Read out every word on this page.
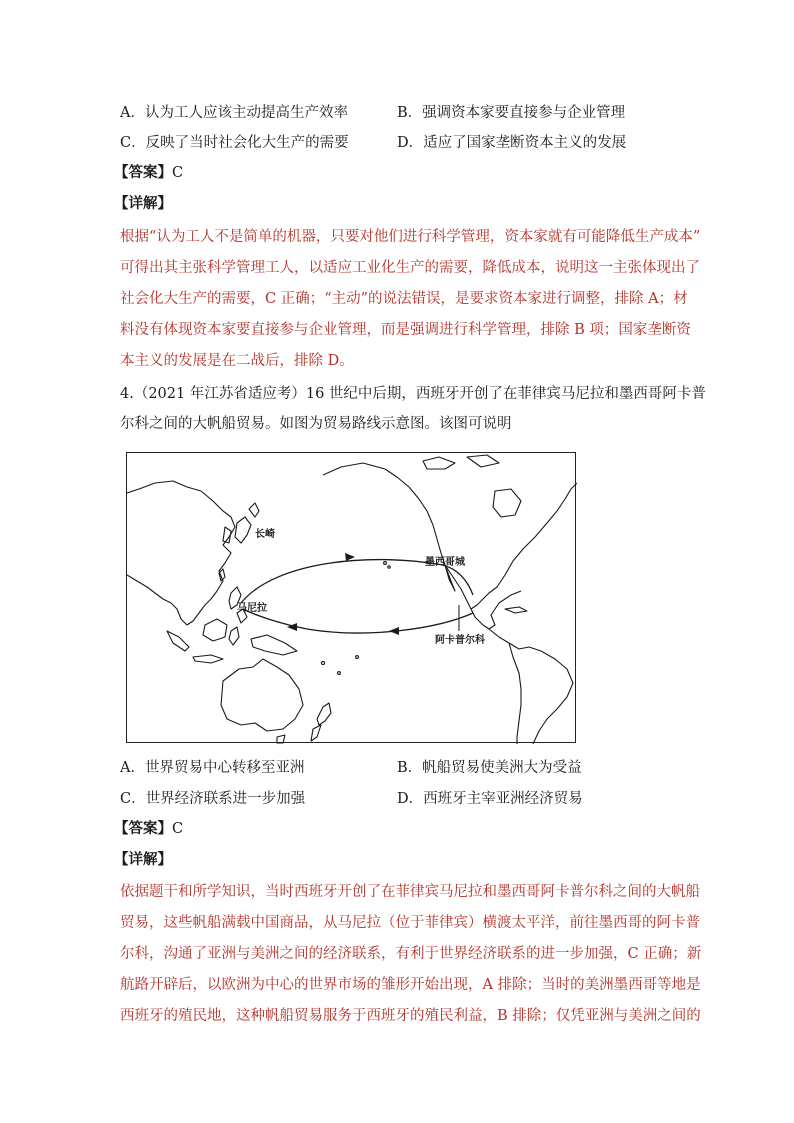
A．认为工人应该主动提高生产效率	B．强调资本家要直接参与企业管理
C．反映了当时社会化大生产的需要	D．适应了国家垄断资本主义的发展
【答案】C
【详解】
根据“认为工人不是简单的机器，只要对他们进行科学管理，资本家就有可能降低生产成本”
可得出其主张科学管理工人，以适应工业化生产的需要，降低成本，说明这一主张体现出了
社会化大生产的需要，C 正确；“主动”的说法错误，是要求资本家进行调整，排除 A；材
料没有体现资本家要直接参与企业管理，而是强调进行科学管理，排除 B 项；国家垄断资
本主义的发展是在二战后，排除 D。
4.（2021 年江苏省适应考）16 世纪中后期，西班牙开创了在菲律宾马尼拉和墨西哥阿卡普
尔科之间的大帆船贸易。如图为贸易路线示意图。该图可说明
长崎
马尼拉
墨西哥城
阿卡普尔科
A．世界贸易中心转移至亚洲	B．帆船贸易使美洲大为受益
C．世界经济联系进一步加强	D．西班牙主宰亚洲经济贸易
【答案】C
【详解】
依据题干和所学知识，当时西班牙开创了在菲律宾马尼拉和墨西哥阿卡普尔科之间的大帆船
贸易，这些帆船满载中国商品，从马尼拉（位于菲律宾）横渡太平洋，前往墨西哥的阿卡普
尔科，沟通了亚洲与美洲之间的经济联系，有利于世界经济联系的进一步加强，C 正确；新
航路开辟后，以欧洲为中心的世界市场的雏形开始出现，A 排除；当时的美洲墨西哥等地是
西班牙的殖民地，这种帆船贸易服务于西班牙的殖民利益，B 排除；仅凭亚洲与美洲之间的
